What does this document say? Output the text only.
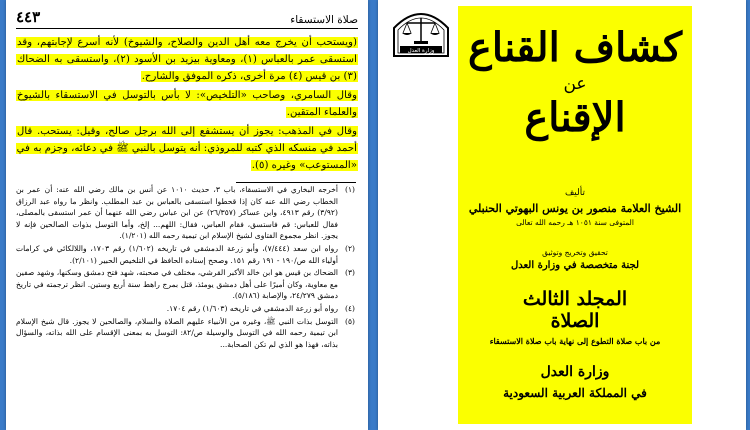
٤٤٣	صلاة الاستسقاء

(ويستحب أن يخرج معه أهل الدين والصلاح، والشيوخ) لأنه أسرع لإجابتهم، وقد استسقى عمر بالعباس (١)، ومعاوية بيزيد بن الأسود (٢)، واستسقى به الضحاك (٣) بن قيس (٤) مرة أخرى، ذكره الموفق والشارح.

وقال السامري، وصاحب «التلخيص»: لا بأس بالتوسل في الاستسقاء بالشيوخ والعلماء المتقين.

وقال في المذهب: يجوز أن يستشفع إلى الله برجل صالح، وقيل: يستحب. قال أحمد في منسكه الذي كتبه للمروذي: أنه يتوسل بالنبي ﷺ في دعائه، وجزم به في «المستوعب» وغيره (٥).

(١)
أخرجه البخاري في الاستسقاء، باب ٣، حديث ١٠١٠ عن أنس بن مالك رضي الله عنه: أن عمر بن الخطاب رضي الله عنه كان إذا قحطوا استسقى بالعباس بن عبد المطلب. وانظر ما رواه عبد الرزاق (٣/٩٢) رقم ٤٩١٣، وابن عساكر (٢٦/٣٥٧) عن ابن عباس رضي الله عنهما أن عمر استسقى بالمصلى، فقال للعباس: قم فاستسق، فقام العباس، فقال: اللهم... إلخ، وأما التوسل بذوات الصالحين فإنه لا يجوز. انظر مجموع الفتاوى لشيخ الإسلام ابن تيمية رحمه الله (١/٢٠١).
(٢)
رواه ابن سعد (٧/٤٤٤)، وأبو زرعة الدمشقي في تاريخه (١/٦٠٢) رقم ١٧٠٣، واللالكائي في كرامات أولياء الله ص/١٩٠ - ١٩١ رقم ١٥١. وصحح إسناده الحافظ في التلخيص الحبير (٢/١٠١).
(٣)
الضحاك بن قيس هو ابن خالد الأكبر القرشي، مختلف في صحبته، شهد فتح دمشق وسكنها، وشهد صفين مع معاوية، وكان أميرًا على أهل دمشق يومئذ، قتل بمرج راهط سنة أربع وستين. انظر ترجمته في تاريخ دمشق ٢٤/٢٧٩، والإصابة (٥/١٨٦).
(٤)
رواه أبو زرعة الدمشقي في تاريخه (١/٦٠٣) رقم ١٧٠٤.
(٥)
التوسل بذات النبي ﷺ، وغيره من الأنبياء عليهم الصلاة والسلام، والصالحين لا يجوز. قال شيخ الإسلام ابن تيمية رحمه الله في التوسل والوسيلة ص/٨٢: التوسل به بمعنى الإقسام على الله بذاته، والسؤال بذاته، فهذا هو الذي لم تكن الصحابة...
وزارة العدل كشاف القناع
عن
الإقناع
تأليف
الشيخ العلامة منصور بن يونس البهوتي الحنبلي
المتوفى سنة ١٠٥١ هـ رحمه الله تعالى
تحقيق وتخريج وتوثيق
لجنة متخصصة في وزارة العدل
المجلد الثالث
الصلاة
من باب صلاة التطوع إلى نهاية باب صلاة الاستسقاء
وزارة العدل
في المملكة العربية السعودية
